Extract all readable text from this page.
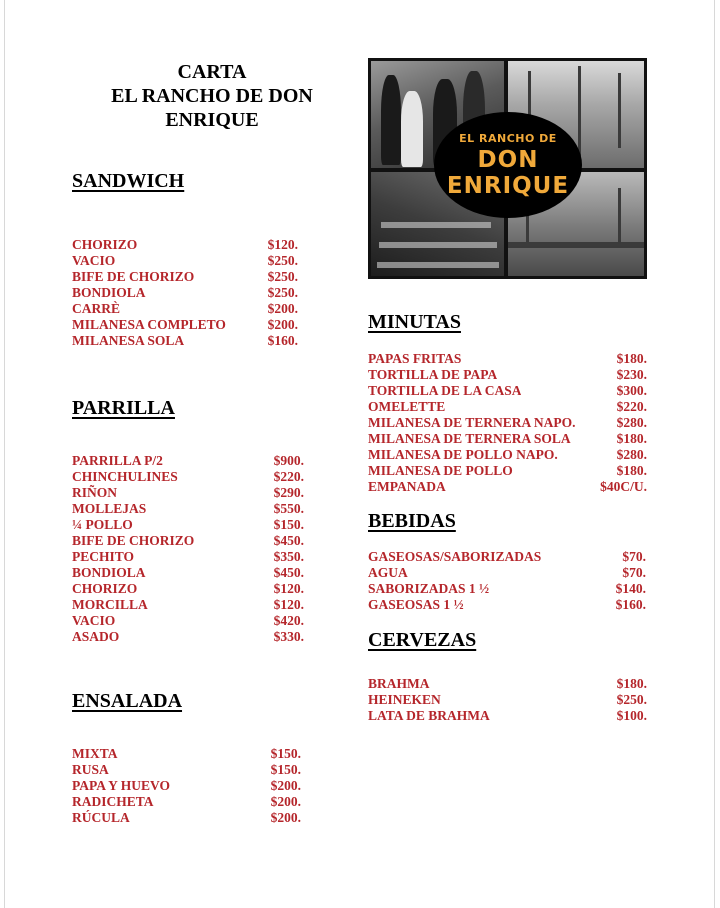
CARTA
EL RANCHO DE DON
ENRIQUE
EL RANCHO DE
DON
ENRIQUE
SANDWICH
PARRILLA
ENSALADA
MINUTAS
BEBIDAS
CERVEZAS
CHORIZO	$120.
VACIO	$250.
BIFE DE CHORIZO	$250.
BONDIOLA	$250.
CARRÈ	$200.
MILANESA COMPLETO	$200.
MILANESA SOLA	$160.
PARRILLA P/2	$900.
CHINCHULINES	$220.
RIÑON	$290.
MOLLEJAS	$550.
¼ POLLO	$150.
BIFE DE CHORIZO	$450.
PECHITO	$350.
BONDIOLA	$450.
CHORIZO	$120.
MORCILLA	$120.
VACIO	$420.
ASADO	$330.
MIXTA	$150.
RUSA	$150.
PAPA Y HUEVO	$200.
RADICHETA	$200.
RÚCULA	$200.
PAPAS FRITAS	$180.
TORTILLA DE PAPA	$230.
TORTILLA DE LA CASA	$300.
OMELETTE	$220.
MILANESA DE TERNERA NAPO.	$280.
MILANESA DE TERNERA SOLA	$180.
MILANESA DE POLLO NAPO.	$280.
MILANESA DE POLLO	$180.
EMPANADA	$40C/U.
GASEOSAS/SABORIZADAS	$70.
AGUA	$70.
SABORIZADAS 1 ½	$140.
GASEOSAS 1 ½	$160.
BRAHMA	$180.
HEINEKEN	$250.
LATA DE BRAHMA	$100.
